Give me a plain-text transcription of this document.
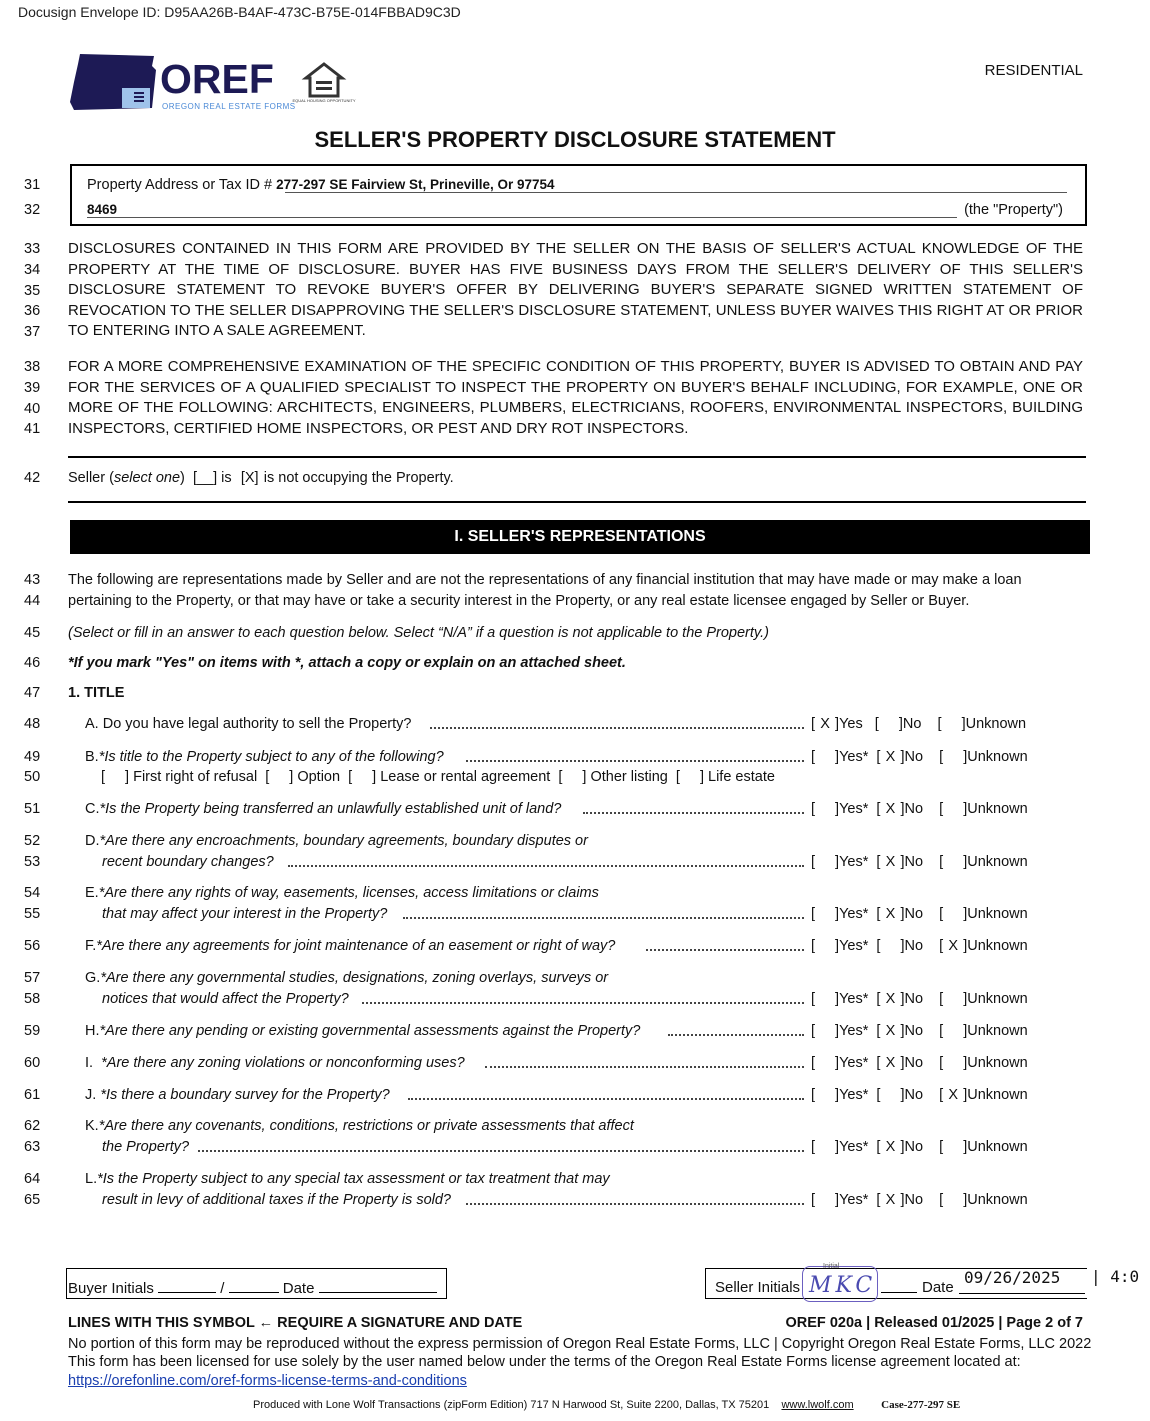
Docusign Envelope ID: D95AA26B-B4AF-473C-B75E-014FBBAD9C3D
OREF
OREGON REAL ESTATE FORMS
EQUAL HOUSING OPPORTUNITY
RESIDENTIAL
SELLER'S PROPERTY DISCLOSURE STATEMENT
31
32
33
34
35
36
37
38
39
40
41
42
43
44
45
46
47
48
49
50
51
52
53
54
55
56
57
58
59
60
61
62
63
64
65
Property Address or Tax ID # 277-297 SE Fairview St, Prineville, Or 97754
8469	(the "Property")
DISCLOSURES CONTAINED IN THIS FORM ARE PROVIDED BY THE SELLER ON THE BASIS OF SELLER'S ACTUAL KNOWLEDGE OF THE PROPERTY AT THE TIME OF DISCLOSURE. BUYER HAS FIVE BUSINESS DAYS FROM THE SELLER'S DELIVERY OF THIS SELLER'S DISCLOSURE STATEMENT TO REVOKE BUYER'S OFFER BY DELIVERING BUYER'S SEPARATE SIGNED WRITTEN STATEMENT OF REVOCATION TO THE SELLER DISAPPROVING THE SELLER'S DISCLOSURE STATEMENT, UNLESS BUYER WAIVES THIS RIGHT AT OR PRIOR TO ENTERING INTO A SALE AGREEMENT.
FOR A MORE COMPREHENSIVE EXAMINATION OF THE SPECIFIC CONDITION OF THIS PROPERTY, BUYER IS ADVISED TO OBTAIN AND PAY FOR THE SERVICES OF A QUALIFIED SPECIALIST TO INSPECT THE PROPERTY ON BUYER'S BEHALF INCLUDING, FOR EXAMPLE, ONE OR MORE OF THE FOLLOWING: ARCHITECTS, ENGINEERS, PLUMBERS, ELECTRICIANS, ROOFERS, ENVIRONMENTAL INSPECTORS, BUILDING INSPECTORS, CERTIFIED HOME INSPECTORS, OR PEST AND DRY ROT INSPECTORS.
Seller (select one) [__] is [X] is not occupying the Property.
I. SELLER'S REPRESENTATIONS
The following are representations made by Seller and are not the representations of any financial institution that may have made or may make a loan
pertaining to the Property, or that may have or take a security interest in the Property, or any real estate licensee engaged by Seller or Buyer.
(Select or fill in an answer to each question below. Select “N/A” if a question is not applicable to the Property.)
*If you mark "Yes" on items with *, attach a copy or explain on an attached sheet.
1. TITLE
A. Do you have legal authority to sell the Property?	[ X ]Yes   [ ]No    [ ]Unknown
B.*Is title to the Property subject to any of the following?	[ ]Yes*  [ X ]No    [ ]Unknown
[ ] First right of refusal  [ ] Option  [ ] Lease or rental agreement  [ ] Other listing  [ ] Life estate
C.*Is the Property being transferred an unlawfully established unit of land?	[ ]Yes*  [ X ]No    [ ]Unknown
D.*Are there any encroachments, boundary agreements, boundary disputes or
recent boundary changes?	[ ]Yes*  [ X ]No    [ ]Unknown
E.*Are there any rights of way, easements, licenses, access limitations or claims
that may affect your interest in the Property?	[ ]Yes*  [ X ]No    [ ]Unknown
F.*Are there any agreements for joint maintenance of an easement or right of way?	[ ]Yes*  [ ]No    [ X ]Unknown
G.*Are there any governmental studies, designations, zoning overlays, surveys or
notices that would affect the Property?	[ ]Yes*  [ X ]No    [ ]Unknown
H.*Are there any pending or existing governmental assessments against the Property?	[ ]Yes*  [ X ]No    [ ]Unknown
I. *Are there any zoning violations or nonconforming uses?	[ ]Yes*  [ X ]No    [ ]Unknown
J. *Is there a boundary survey for the Property?	[ ]Yes*  [ ]No    [ X ]Unknown
K.*Are there any covenants, conditions, restrictions or private assessments that affect
the Property?	[ ]Yes*  [ X ]No    [ ]Unknown
L.*Is the Property subject to any special tax assessment or tax treatment that may
result in levy of additional taxes if the Property is sold?	[ ]Yes*  [ X ]No    [ ]Unknown
Buyer Initials	/	Date	Seller Initials
Initial
MKC	Date
09/26/2025	| 4:0
LINES WITH THIS SYMBOL ← REQUIRE A SIGNATURE AND DATE	OREF 020a | Released 01/2025 | Page 2 of 7
No portion of this form may be reproduced without the express permission of Oregon Real Estate Forms, LLC | Copyright Oregon Real Estate Forms, LLC 2022
This form has been licensed for use solely by the user named below under the terms of the Oregon Real Estate Forms license agreement located at:
https://orefonline.com/oref-forms-license-terms-and-conditions
Produced with Lone Wolf Transactions (zipForm Edition) 717 N Harwood St, Suite 2200, Dallas, TX 75201 www.lwolf.com	Case-277-297 SE
